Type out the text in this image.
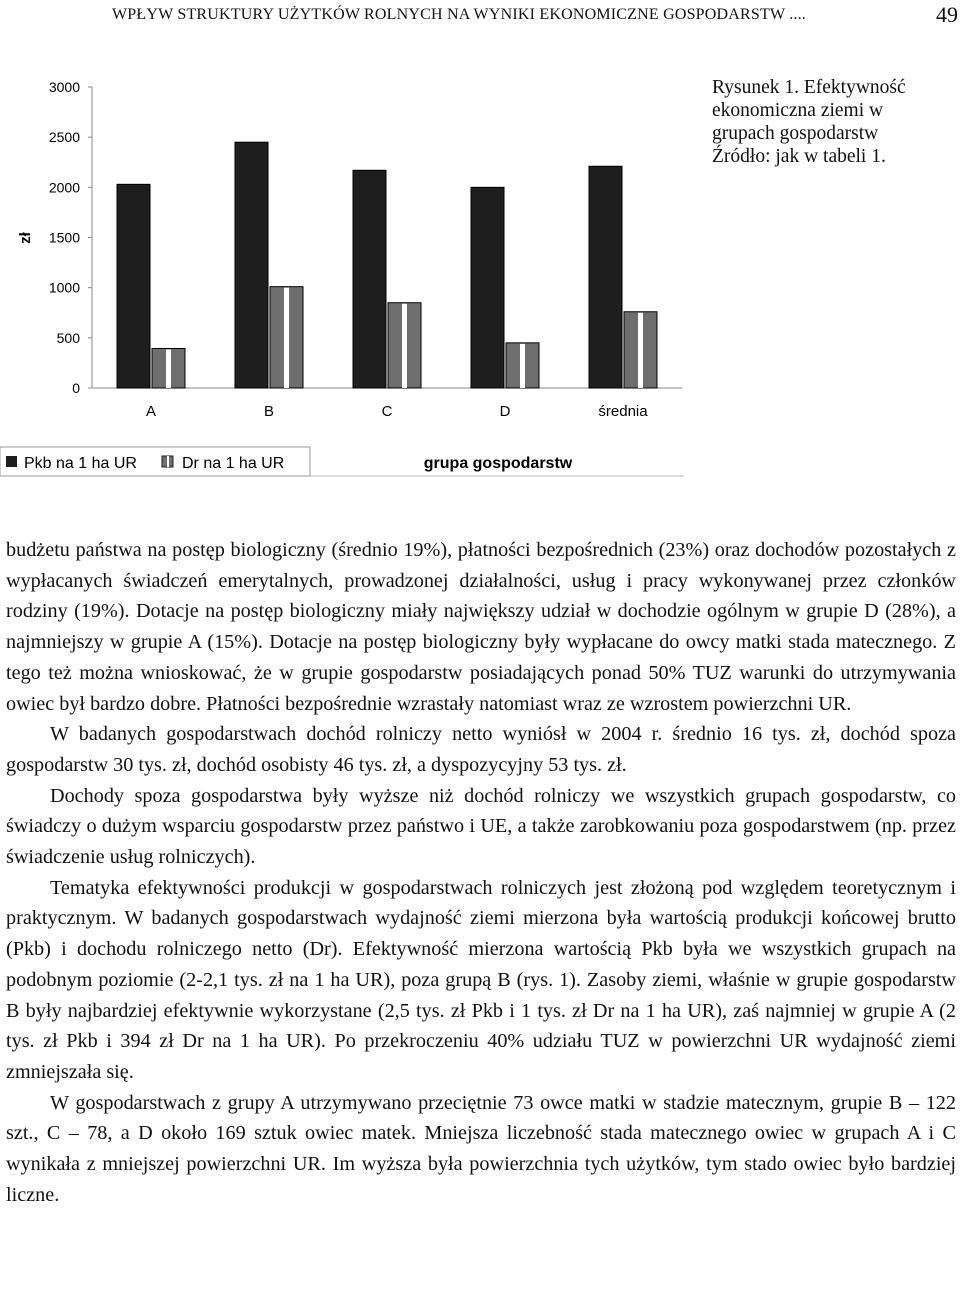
WPŁYW STRUKTURY UŻYTKÓW ROLNYCH NA WYNIKI EKONOMICZNE GOSPODARSTW ....	49
0
500
1000
1500
2000
2500
3000
A	B	C	D	średnia
zł
Pkb na 1 ha UR	Dr na 1 ha UR	grupa gospodarstw
Rysunek 1. Efektywność
ekonomiczna ziemi w
grupach gospodarstw
Źródło: jak w tabeli 1.

budżetu państwa na postęp biologiczny (średnio 19%), płatności bezpośrednich (23%) oraz dochodów pozostałych z wypłacanych świadczeń emerytalnych, prowadzonej działalności, usług i pracy wykonywanej przez członków rodziny (19%). Dotacje na postęp biologiczny miały największy udział w dochodzie ogólnym w grupie D (28%), a najmniejszy w grupie A (15%). Dotacje na postęp biologiczny były wypłacane do owcy matki stada matecznego. Z tego też można wnioskować, że w grupie gospodarstw posiadających ponad 50% TUZ warunki do utrzymywania owiec był bardzo dobre. Płatności bezpośrednie wzrastały natomiast wraz ze wzrostem powierzchni UR.

W badanych gospodarstwach dochód rolniczy netto wyniósł w 2004 r. średnio 16 tys. zł, dochód spoza gospodarstw 30 tys. zł, dochód osobisty 46 tys. zł, a dyspozycyjny 53 tys. zł.

Dochody spoza gospodarstwa były wyższe niż dochód rolniczy we wszystkich grupach gospodarstw, co świadczy o dużym wsparciu gospodarstw przez państwo i UE, a także zarobkowaniu poza gospodarstwem (np. przez świadczenie usług rolniczych).

Tematyka efektywności produkcji w gospodarstwach rolniczych jest złożoną pod względem teoretycznym i praktycznym. W badanych gospodarstwach wydajność ziemi mierzona była wartością produkcji końcowej brutto (Pkb) i dochodu rolniczego netto (Dr). Efektywność mierzona wartością Pkb była we wszystkich grupach na podobnym poziomie (2-2,1 tys. zł na 1 ha UR), poza grupą B (rys. 1). Zasoby ziemi, właśnie w grupie gospodarstw B były najbardziej efektywnie wykorzystane (2,5 tys. zł Pkb i 1 tys. zł Dr na 1 ha UR), zaś najmniej w grupie A (2 tys. zł Pkb i 394 zł Dr na 1 ha UR). Po przekroczeniu 40% udziału TUZ w powierzchni UR wydajność ziemi zmniejszała się.

W gospodarstwach z grupy A utrzymywano przeciętnie 73 owce matki w stadzie matecznym, grupie B – 122 szt., C – 78, a D około 169 sztuk owiec matek. Mniejsza liczebność stada matecznego owiec w grupach A i C wynikała z mniejszej powierzchni UR. Im wyższa była powierzchnia tych użytków, tym stado owiec było bardziej liczne.
